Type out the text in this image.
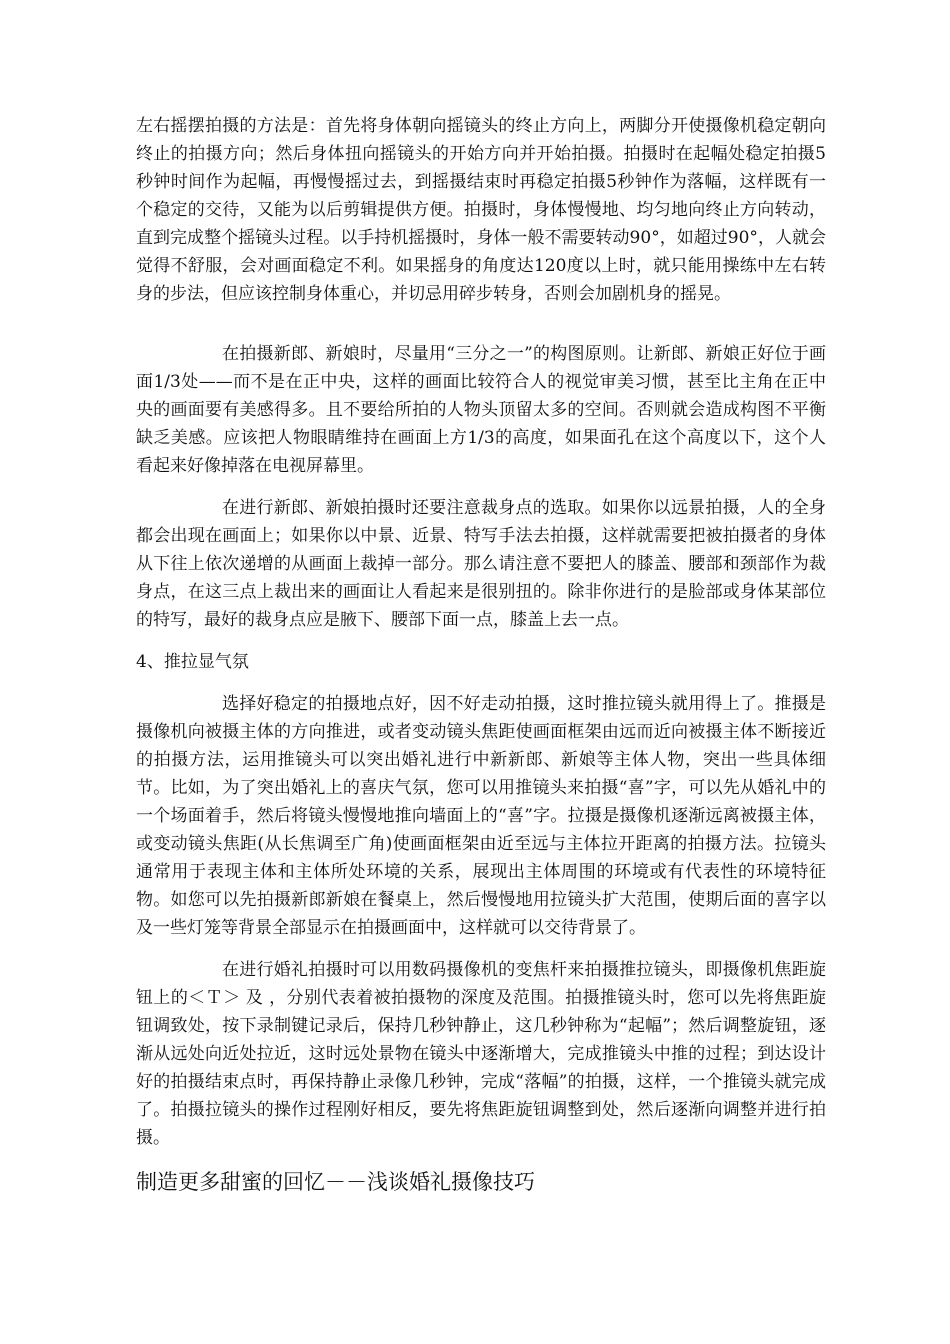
左右摇摆拍摄的方法是：首先将身体朝向摇镜头的终止方向上，两脚分开使摄像机稳定朝向终止的拍摄方向；然后身体扭向摇镜头的开始方向并开始拍摄。拍摄时在起幅处稳定拍摄5秒钟时间作为起幅，再慢慢摇过去，到摇摄结束时再稳定拍摄5秒钟作为落幅，这样既有一个稳定的交待，又能为以后剪辑提供方便。拍摄时，身体慢慢地、均匀地向终止方向转动，直到完成整个摇镜头过程。以手持机摇摄时，身体一般不需要转动90°，如超过90°，人就会觉得不舒服，会对画面稳定不利。如果摇身的角度达120度以上时，就只能用操练中左右转身的步法，但应该控制身体重心，并切忌用碎步转身，否则会加剧机身的摇晃。

在拍摄新郎、新娘时，尽量用“三分之一”的构图原则。让新郎、新娘正好位于画面1/3处——而不是在正中央，这样的画面比较符合人的视觉审美习惯，甚至比主角在正中央的画面要有美感得多。且不要给所拍的人物头顶留太多的空间。否则就会造成构图不平衡缺乏美感。应该把人物眼睛维持在画面上方1/3的高度，如果面孔在这个高度以下，这个人看起来好像掉落在电视屏幕里。

在进行新郎、新娘拍摄时还要注意裁身点的选取。如果你以远景拍摄，人的全身都会出现在画面上；如果你以中景、近景、特写手法去拍摄，这样就需要把被拍摄者的身体从下往上依次递增的从画面上裁掉一部分。那么请注意不要把人的膝盖、腰部和颈部作为裁身点，在这三点上裁出来的画面让人看起来是很别扭的。除非你进行的是脸部或身体某部位的特写，最好的裁身点应是腋下、腰部下面一点，膝盖上去一点。

4、推拉显气氛

选择好稳定的拍摄地点好，因不好走动拍摄，这时推拉镜头就用得上了。推摄是摄像机向被摄主体的方向推进，或者变动镜头焦距使画面框架由远而近向被摄主体不断接近的拍摄方法，运用推镜头可以突出婚礼进行中新新郎、新娘等主体人物，突出一些具体细节。比如，为了突出婚礼上的喜庆气氛，您可以用推镜头来拍摄“喜”字，可以先从婚礼中的一个场面着手，然后将镜头慢慢地推向墙面上的“喜”字。拉摄是摄像机逐渐远离被摄主体，或变动镜头焦距(从长焦调至广角)使画面框架由近至远与主体拉开距离的拍摄方法。拉镜头通常用于表现主体和主体所处环境的关系，展现出主体周围的环境或有代表性的环境特征物。如您可以先拍摄新郎新娘在餐桌上，然后慢慢地用拉镜头扩大范围，使期后面的喜字以及一些灯笼等背景全部显示在拍摄画面中，这样就可以交待背景了。

在进行婚礼拍摄时可以用数码摄像机的变焦杆来拍摄推拉镜头，即摄像机焦距旋钮上的＜Ｔ＞ 及 ，分别代表着被拍摄物的深度及范围。拍摄推镜头时，您可以先将焦距旋钮调致处，按下录制键记录后，保持几秒钟静止，这几秒钟称为“起幅”；然后调整旋钮，逐渐从远处向近处拉近，这时远处景物在镜头中逐渐增大，完成推镜头中推的过程；到达设计好的拍摄结束点时，再保持静止录像几秒钟，完成“落幅”的拍摄，这样，一个推镜头就完成了。拍摄拉镜头的操作过程刚好相反，要先将焦距旋钮调整到处，然后逐渐向调整并进行拍摄。

制造更多甜蜜的回忆－－浅谈婚礼摄像技巧
